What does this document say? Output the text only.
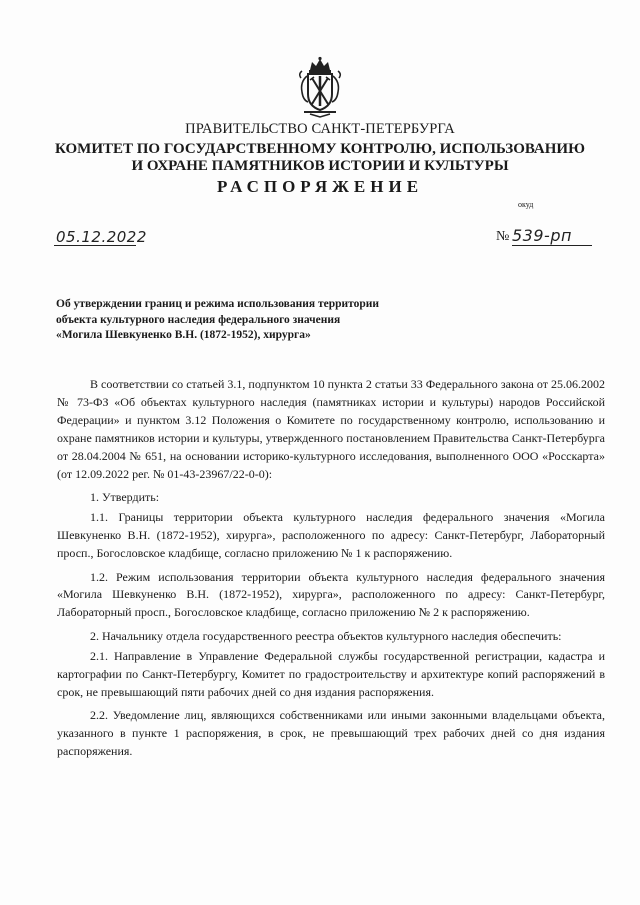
ПРАВИТЕЛЬСТВО САНКТ-ПЕТЕРБУРГА
КОМИТЕТ ПО ГОСУДАРСТВЕННОМУ КОНТРОЛЮ, ИСПОЛЬЗОВАНИЮ
И ОХРАНЕ ПАМЯТНИКОВ ИСТОРИИ И КУЛЬТУРЫ
РАСПОРЯЖЕНИЕ
окуд
05.12.2022	№ 539-рп
Об утверждении границ и режима использования территории
объекта культурного наследия федерального значения
«Могила Шевкуненко В.Н. (1872-1952), хирурга»

В соответствии со статьей 3.1, подпунктом 10 пункта 2 статьи 33 Федерального закона от 25.06.2002 № 73-ФЗ «Об объектах культурного наследия (памятниках истории и культуры) народов Российской Федерации» и пунктом 3.12 Положения о Комитете по государственному контролю, использованию и охране памятников истории и культуры, утвержденного постановлением Правительства Санкт-Петербурга от 28.04.2004 № 651, на основании историко-культурного исследования, выполненного ООО «Росскарта» (от 12.09.2022 рег. № 01-43-23967/22-0-0):

1. Утвердить:

1.1. Границы территории объекта культурного наследия федерального значения «Могила Шевкуненко В.Н. (1872-1952), хирурга», расположенного по адресу: Санкт-Петербург, Лабораторный просп., Богословское кладбище, согласно приложению № 1 к распоряжению.

1.2. Режим использования территории объекта культурного наследия федерального значения «Могила Шевкуненко В.Н. (1872-1952), хирурга», расположенного по адресу: Санкт-Петербург, Лабораторный просп., Богословское кладбище, согласно приложению № 2 к распоряжению.

2. Начальнику отдела государственного реестра объектов культурного наследия обеспечить:

2.1. Направление в Управление Федеральной службы государственной регистрации, кадастра и картографии по Санкт-Петербургу, Комитет по градостроительству и архитектуре копий распоряжений в срок, не превышающий пяти рабочих дней со дня издания распоряжения.

2.2. Уведомление лиц, являющихся собственниками или иными законными владельцами объекта, указанного в пункте 1 распоряжения, в срок, не превышающий трех рабочих дней со дня издания распоряжения.
